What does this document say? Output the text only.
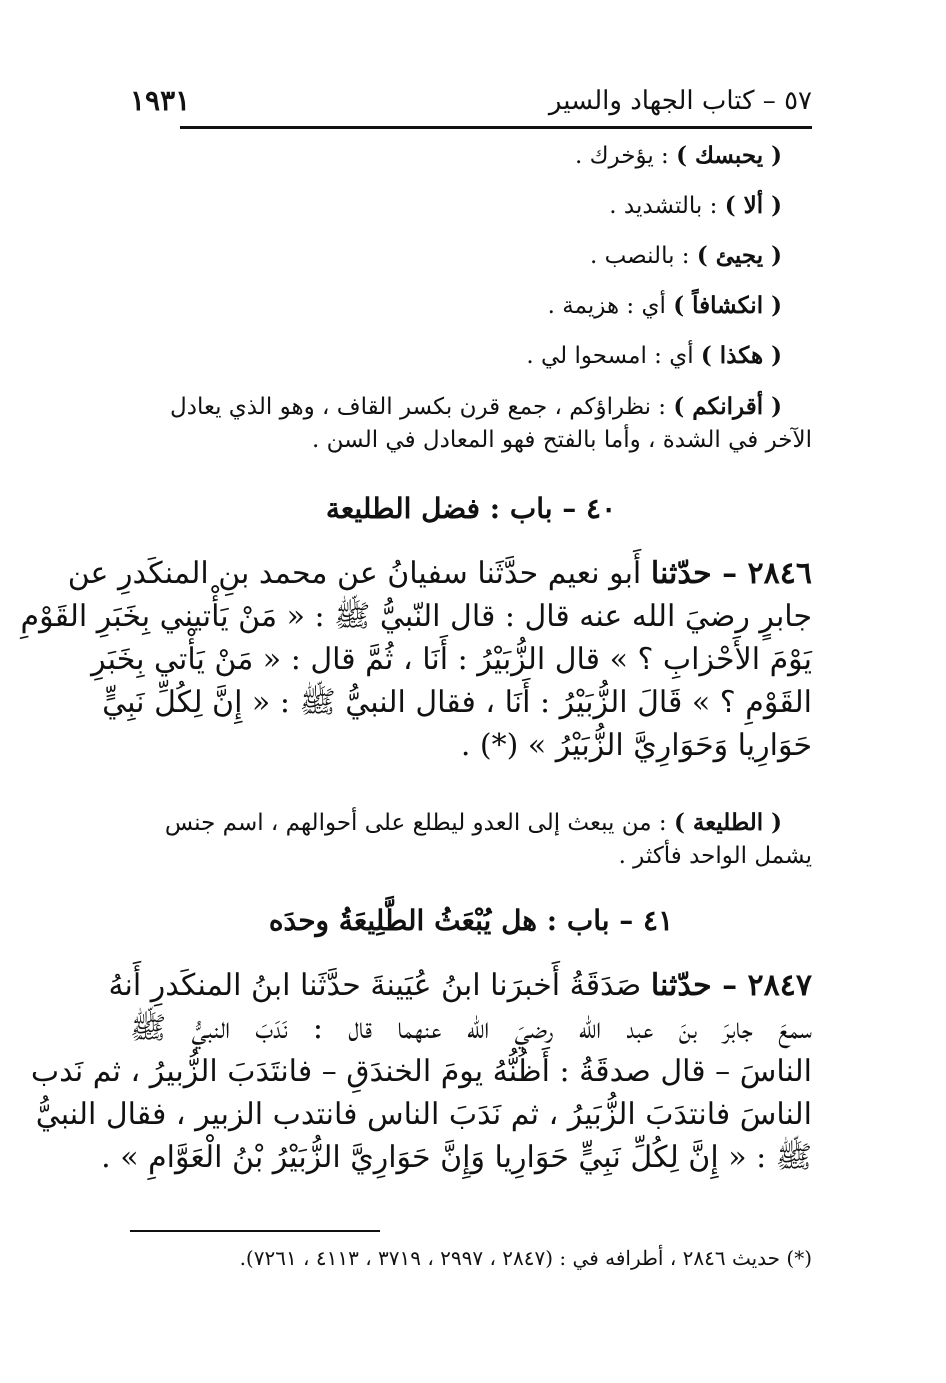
٥٧ – كتاب الجهاد والسير
١٩٣١
( يحبسك ) : يؤخرك .
( ألا ) : بالتشديد .
( يجيئ ) : بالنصب .
( انكشافاً ) أي : هزيمة .
( هكذا ) أي : امسحوا لي .
( أقرانكم ) : نظراؤكم ، جمع قرن بكسر القاف ، وهو الذي يعادل
الآخر في الشدة ، وأما بالفتح فهو المعادل في السن .
٤٠ – باب : فضل الطليعة
٢٨٤٦ – حدّثنا أَبو نعيم حدَّثَنا سفيانُ عن محمد بنِ المنكَدرِ عن
جابرٍ رضيَ الله عنه قال : قال النّبيُّ ﷺ : « مَنْ يَأْتيني بِخَبَرِ القَوْمِ
يَوْمَ الأَحْزابِ ؟ » قال الزُّبَيْرُ : أَنَا ، ثُمَّ قال : « مَنْ يَأْتي بِخَبَرِ
القَوْمِ ؟ » قَالَ الزُّبَيْرُ : أَنَا ، فقال النبيُّ ﷺ : « إِنَّ لِكُلِّ نَبِيٍّ
حَوَارِيا وَحَوَارِيَّ الزُّبَيْرُ » (*) .
( الطليعة ) : من يبعث إلى العدو ليطلع على أحوالهم ، اسم جنس
يشمل الواحد فأكثر .
٤١ – باب : هل يُبْعَثُ الطَّلِيعَةُ وحدَه
٢٨٤٧ – حدّثنا صَدَقَةُ أَخبرَنا ابنُ عُيَينةَ حدَّثَنا ابنُ المنكَدرِ أَنهُ
سمعَ جابرَ بنَ عبد الله رضيَ الله عنهما قال : نَدَبَ النبيُّ ﷺ
الناسَ – قال صدقَةُ : أَظُنُّهُ يومَ الخندَقِ – فانتَدَبَ الزُّبيرُ ، ثم نَدب
الناسَ فانتدَبَ الزُّبَيرُ ، ثم نَدَبَ الناس فانتدب الزبير ، فقال النبيُّ
ﷺ : « إِنَّ لِكُلِّ نَبِيٍّ حَوَارِيا وَإِنَّ حَوَارِيَّ الزُّبَيْرُ بْنُ الْعَوَّامِ » .
(*) حديث ٢٨٤٦ ، أطرافه في : (٢٨٤٧ ، ٢٩٩٧ ، ٣٧١٩ ، ٤١١٣ ، ٧٢٦١).
